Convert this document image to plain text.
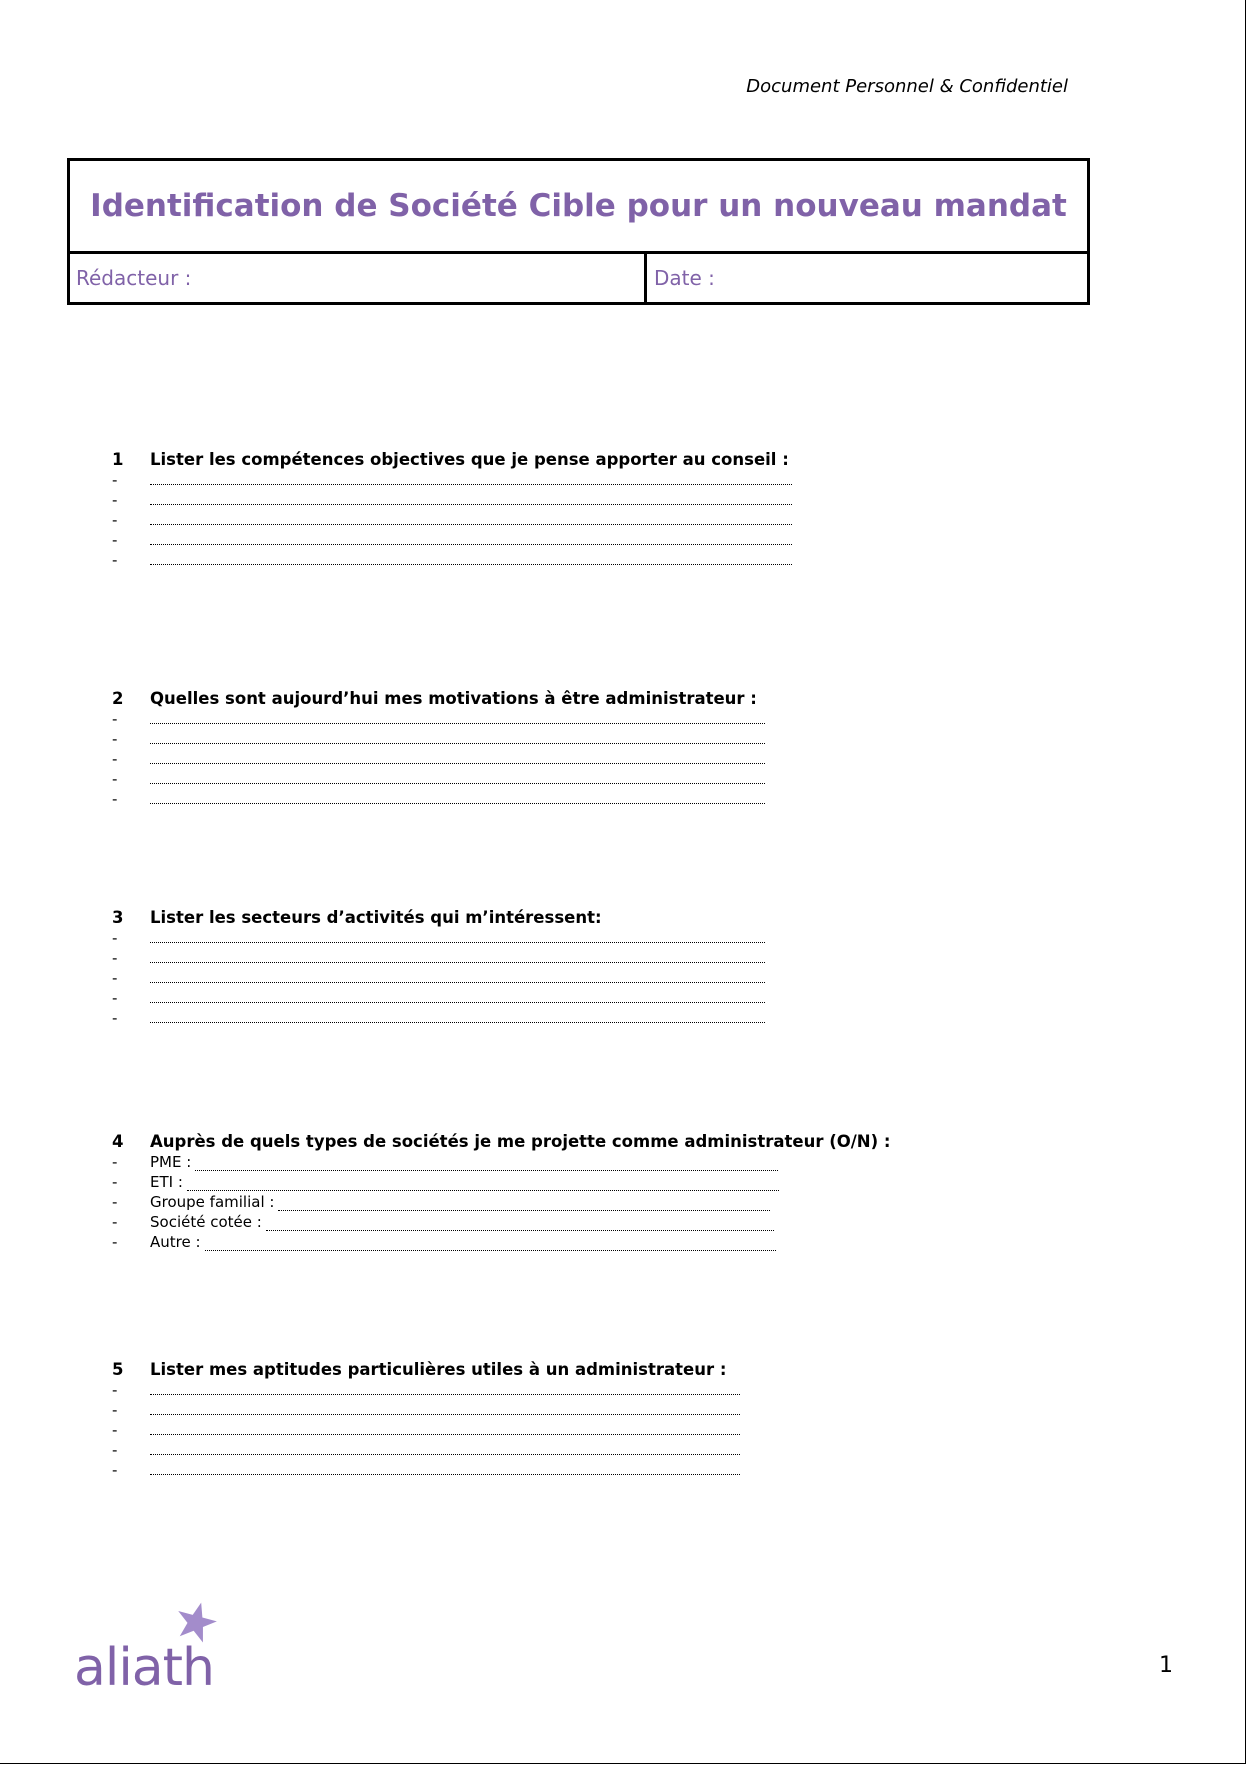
Document Personnel & Confidentiel
Identification de Société Cible pour un nouveau mandat
Rédacteur :	Date :
1	Lister les compétences objectives que je pense apporter au conseil :
-
-
-
-
-
2	Quelles sont aujourd’hui mes motivations à être administrateur :
-
-
-
-
-
3	Lister les secteurs d’activités qui m’intéressent:
-
-
-
-
-
4	Auprès de quels types de sociétés je me projette comme administrateur (O/N) :
-	PME :
-	ETI :
-	Groupe familial :
-	Société cotée :
-	Autre :
5	Lister mes aptitudes particulières utiles à un administrateur :
-
-
-
-
-
aliath	1
